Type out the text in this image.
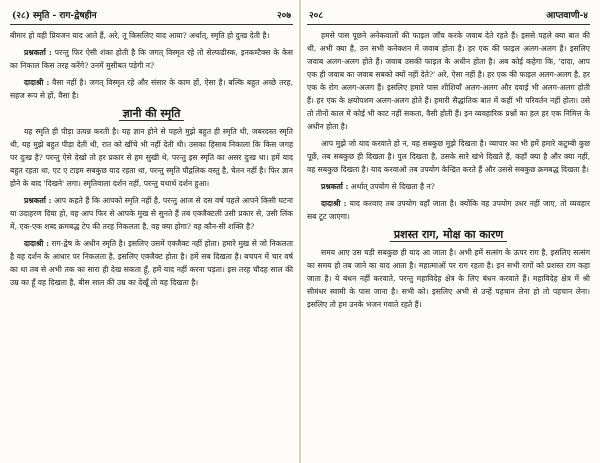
(२८) स्मृति - राग-द्वेषहीन	२०७

बीमार हो वही प्रियजन याद आते हैं, अरे, तू किसलिए याद आया? अर्थात्, स्मृति हो दुःख देती है।

प्रश्नकर्ता : परन्तु फिर ऐसी शंका होती है कि जगत् विस्मृत रहे तो सेल्फडीस्क, इनकम्टैक्स के केस का निकाल किस तरह करेंगे? उनमें मुसीबत पड़ेगी न?

दादाश्री : वैसा नहीं है। जगत् विस्मृत रहे और संसार के काम हों, ऐसा है। बल्कि बहुत अच्छे तरह, सहज रूप से हों, वैसा है।

ज्ञानी की स्मृति

यह स्मृति ही पीड़ा उत्पन्न करती है। यह ज्ञान होने से पहले मुझे बहुत ही स्मृति थी, जबरदस्त स्मृति थी, यह मुझे बहुत पीड़ा देती थी, रात को खींचे भी नहीं देती थी। उसका हिसाब निकाला कि किस जगह पर दुःख है? परन्तु ऐसे देखो तो हर प्रकार से हम सुखी थे, परन्तु इस स्मृति का असर दुःख था। हमें याद बहुत रहता था, एट ए टाइम सबकुछ याद रहता था, परन्तु स्मृति पौद्गलिक वस्तु है, चेतन नहीं है। फिर ज्ञान होने के बाद 'दिखने' लगा। स्मृतिवाला दर्शन नहीं, परन्तु यथार्थ दर्शन हुआ।

प्रश्नकर्ता : आप कहते हैं कि आपको स्मृति नहीं है, परन्तु आज से दस वर्ष पहले आपने किसी घटना या उदाहरण दिया हो, वह आप फिर से आपके मुख से सुनते हैं तब एक्जैक्टली उसी प्रकार से, उसी लिंक में, एक-एक शब्द क्रमबद्ध टेप की तरह निकलता है, वह क्या होगा? वह कौन-सी शक्ति है?

दादाश्री : राग-द्वेष के अधीन स्मृति है। इसलिए उसमें एक्जैक्ट नहीं होता। हमारे मुख से जो निकलता है वह दर्शन के आधार पर निकलता है, इसलिए एक्जैक्ट होता है। हमें सब दिखता है। बचपन में चार वर्ष का था तब से अभी तक का सारा ही देख सकता हूँ, हमें याद नहीं करना पड़ता। इस तरह चौदह साल की उम्र का हूँ वह दिखता है, बीस साल की उम्र का देखूँ तो वह दिखता है।

२०८	आप्तवाणी-४

हमसे पास पूछने अनेकवालों की फाइल जाँच करके जवाब देते रहते हैं। इससे पहले क्या बात की थी, अभी क्या है, उन सभी कनेक्शन में जवाब होता है। हर एक की फाइल अलग-अलग है। इसलिए जवाब अलग-अलग होते हैं। जवाब उसकी फाइल के अधीन होता है। अब कोई कहेगा कि, 'दादा, आप एक ही जवाब का जवाब सबको क्यों नहीं देते?' अरे, ऐसा नहीं है। हर एक की फाइल अलग-अलग है, हर एक के रोग अलग-अलग हैं। इसलिए हमारे पास शीशियाँ अलग-अलग और दवाई भी अलग-अलग होती हैं। हर एक के क्षयोपशम अलग-अलग होते हैं। हमारी सैद्धांतिक बात में कहीं भी परिवर्तन नहीं होता। उसे तो तीनों काल में कोई भी काट नहीं सकता, वैसी होती हैं। इन व्यवहारिक प्रश्नों का हल हर एक निमित्त के अधीन होता है।

आप मुझे जो याद करवाते हो न, वह सबकुछ मुझे दिखता है। व्यापार का भी हमें हमारे कटुम्बी कुछ पूछें, तब सबकुछ ही दिखता है। पुल दिखता है, उसके सारे खंभे दिखते हैं, कहाँ क्या है और क्या नहीं, वह सबकुछ दिखता है। याद करवाओ तब उपयोग केन्द्रित करते हैं और उससे सबकुछ क्रमबद्ध दिखता है।

प्रश्नकर्ता : अर्थात् उपयोग से दिखता है न?

दादाश्री : याद करवाए तब उपयोग वहाँ जाता है। क्योंकि वह उपयोग उधर नहीं जाए, तो व्यवहार सब टूट जाएगा।

प्रशस्त राग, मोक्ष का कारण

समय आए उस घड़ी सबकुछ ही याद आ जाता है। अभी हमें सत्संग के ऊपर राग है, इसलिए सत्संग का समय हो तब जाने का याद आता है। महात्माओं पर राग रहता है। इन सभी रागों को प्रशस्त राग कहा जाता है। ये बंधन नहीं करवाते, परन्तु महाविदेह क्षेत्र के लिए बंधन करवाते हैं। महाविदेह क्षेत्र में श्री सीमंधर स्वामी के पास जाना है। सभी को। इसलिए अभी से उन्हें पहचान लेना हो तो पहचान लेना। इसलिए तो हम उनके भजन गवाते रहते हैं।
